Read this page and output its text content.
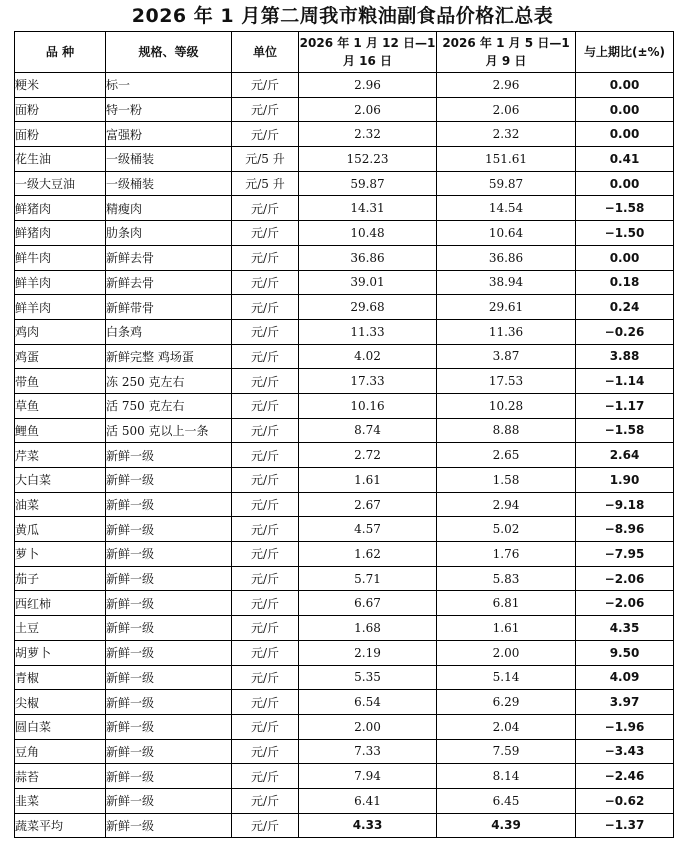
2026 年 1 月第二周我市粮油副食品价格汇总表
品 种	规格、等级	单位	2026 年 1 月 12 日—1 月 16 日	2026 年 1 月 5 日—1 月 9 日	与上期比(±%)
粳米	标一	元/斤	2.96	2.96	0.00
面粉	特一粉	元/斤	2.06	2.06	0.00
面粉	富强粉	元/斤	2.32	2.32	0.00
花生油	一级桶装	元/5 升	152.23	151.61	0.41
一级大豆油	一级桶装	元/5 升	59.87	59.87	0.00
鲜猪肉	精瘦肉	元/斤	14.31	14.54	−1.58
鲜猪肉	肋条肉	元/斤	10.48	10.64	−1.50
鲜牛肉	新鲜去骨	元/斤	36.86	36.86	0.00
鲜羊肉	新鲜去骨	元/斤	39.01	38.94	0.18
鲜羊肉	新鲜带骨	元/斤	29.68	29.61	0.24
鸡肉	白条鸡	元/斤	11.33	11.36	−0.26
鸡蛋	新鲜完整 鸡场蛋	元/斤	4.02	3.87	3.88
带鱼	冻 250 克左右	元/斤	17.33	17.53	−1.14
草鱼	活 750 克左右	元/斤	10.16	10.28	−1.17
鲤鱼	活 500 克以上一条	元/斤	8.74	8.88	−1.58
芹菜	新鲜一级	元/斤	2.72	2.65	2.64
大白菜	新鲜一级	元/斤	1.61	1.58	1.90
油菜	新鲜一级	元/斤	2.67	2.94	−9.18
黄瓜	新鲜一级	元/斤	4.57	5.02	−8.96
萝卜	新鲜一级	元/斤	1.62	1.76	−7.95
茄子	新鲜一级	元/斤	5.71	5.83	−2.06
西红柿	新鲜一级	元/斤	6.67	6.81	−2.06
土豆	新鲜一级	元/斤	1.68	1.61	4.35
胡萝卜	新鲜一级	元/斤	2.19	2.00	9.50
青椒	新鲜一级	元/斤	5.35	5.14	4.09
尖椒	新鲜一级	元/斤	6.54	6.29	3.97
圆白菜	新鲜一级	元/斤	2.00	2.04	−1.96
豆角	新鲜一级	元/斤	7.33	7.59	−3.43
蒜苔	新鲜一级	元/斤	7.94	8.14	−2.46
韭菜	新鲜一级	元/斤	6.41	6.45	−0.62
蔬菜平均	新鲜一级	元/斤	4.33	4.39	−1.37
